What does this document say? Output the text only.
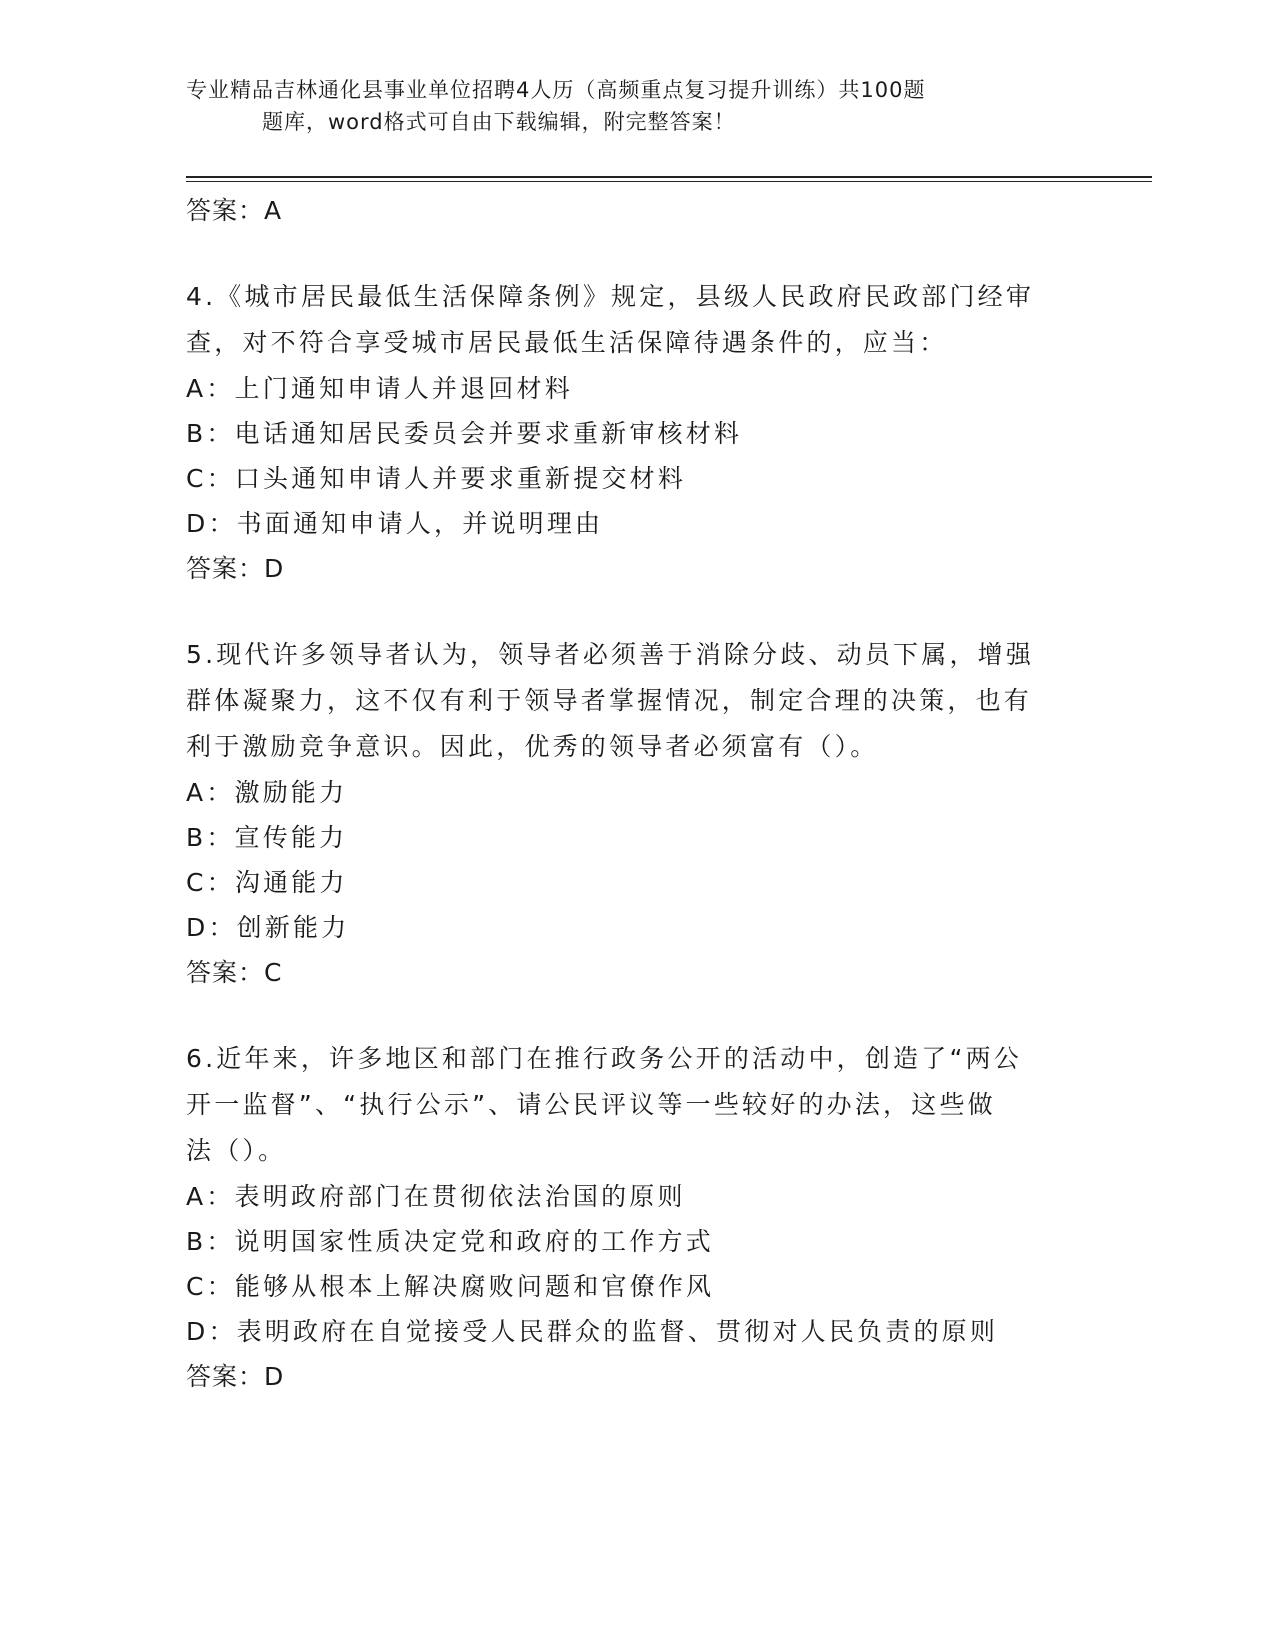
专业精品吉林通化县事业单位招聘4人历（高频重点复习提升训练）共100题
题库，word格式可自由下载编辑，附完整答案！
答案：A
4.《城市居民最低生活保障条例》规定，县级人民政府民政部门经审
查，对不符合享受城市居民最低生活保障待遇条件的，应当：
A：上门通知申请人并退回材料
B：电话通知居民委员会并要求重新审核材料
C：口头通知申请人并要求重新提交材料
D：书面通知申请人，并说明理由
答案：D
5.现代许多领导者认为，领导者必须善于消除分歧、动员下属，增强
群体凝聚力，这不仅有利于领导者掌握情况，制定合理的决策，也有
利于激励竞争意识。因此，优秀的领导者必须富有（）。
A：激励能力
B：宣传能力
C：沟通能力
D：创新能力
答案：C
6.近年来，许多地区和部门在推行政务公开的活动中，创造了“两公
开一监督”、“执行公示”、请公民评议等一些较好的办法，这些做
法（）。
A：表明政府部门在贯彻依法治国的原则
B：说明国家性质决定党和政府的工作方式
C：能够从根本上解决腐败问题和官僚作风
D：表明政府在自觉接受人民群众的监督、贯彻对人民负责的原则
答案：D
